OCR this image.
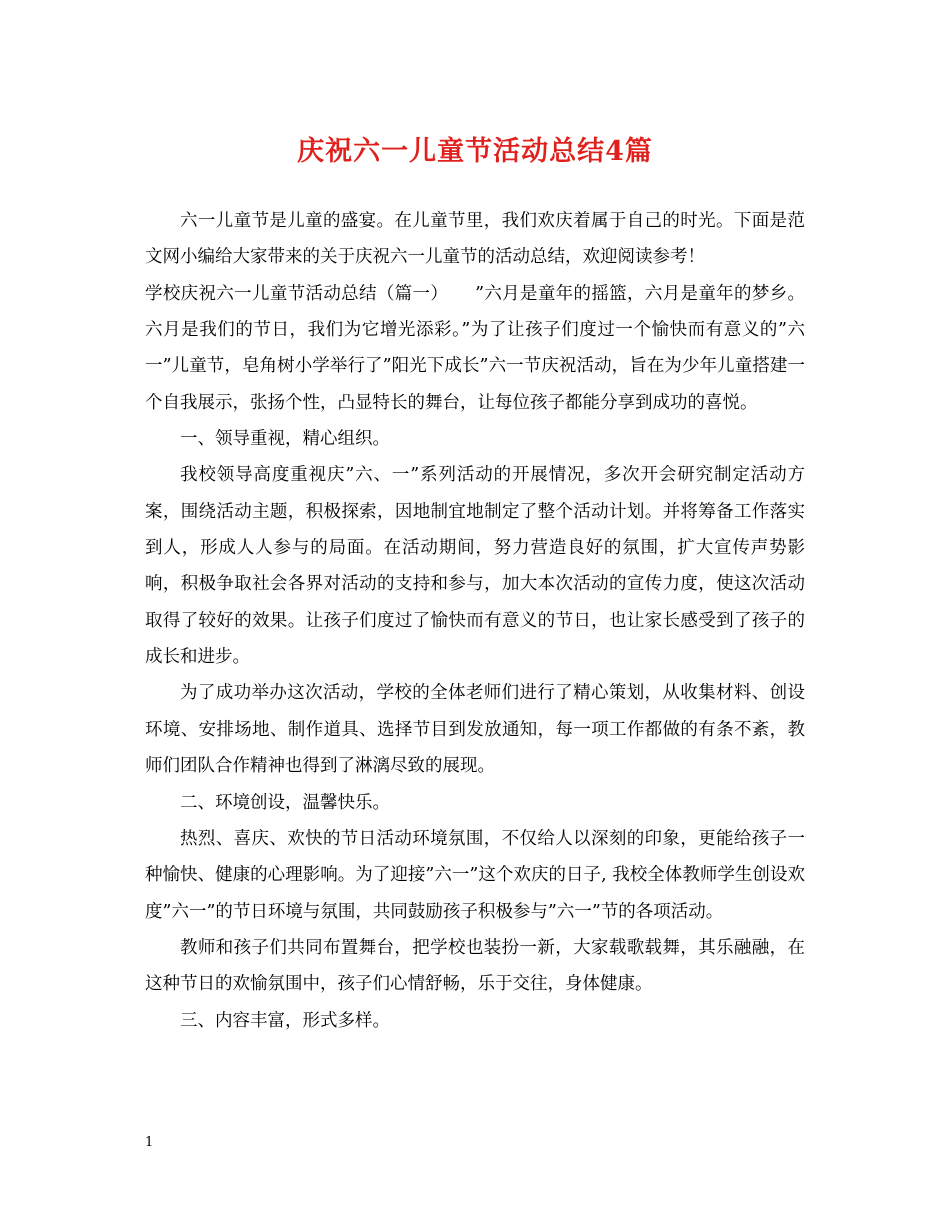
庆祝六一儿童节活动总结4篇

六一儿童节是儿童的盛宴。在儿童节里，我们欢庆着属于自己的时光。下面是范文网小编给大家带来的关于庆祝六一儿童节的活动总结，欢迎阅读参考！

学校庆祝六一儿童节活动总结（篇一）　　”六月是童年的摇篮，六月是童年的梦乡。六月是我们的节日，我们为它增光添彩。”为了让孩子们度过一个愉快而有意义的”六一”儿童节，皂角树小学举行了”阳光下成长”六一节庆祝活动，旨在为少年儿童搭建一个自我展示，张扬个性，凸显特长的舞台，让每位孩子都能分享到成功的喜悦。

一、领导重视，精心组织。

我校领导高度重视庆”六、一”系列活动的开展情况，多次开会研究制定活动方案，围绕活动主题，积极探索，因地制宜地制定了整个活动计划。并将筹备工作落实到人，形成人人参与的局面。在活动期间，努力营造良好的氛围，扩大宣传声势影响，积极争取社会各界对活动的支持和参与，加大本次活动的宣传力度，使这次活动取得了较好的效果。让孩子们度过了愉快而有意义的节日，也让家长感受到了孩子的成长和进步。

为了成功举办这次活动，学校的全体老师们进行了精心策划，从收集材料、创设环境、安排场地、制作道具、选择节目到发放通知，每一项工作都做的有条不紊，教师们团队合作精神也得到了淋漓尽致的展现。

二、环境创设，温馨快乐。

热烈、喜庆、欢快的节日活动环境氛围，不仅给人以深刻的印象，更能给孩子一种愉快、健康的心理影响。为了迎接”六一”这个欢庆的日子, 我校全体教师学生创设欢度”六一”的节日环境与氛围，共同鼓励孩子积极参与”六一”节的各项活动。

教师和孩子们共同布置舞台，把学校也装扮一新，大家载歌载舞，其乐融融，在这种节日的欢愉氛围中，孩子们心情舒畅，乐于交往，身体健康。

三、内容丰富，形式多样。

1
